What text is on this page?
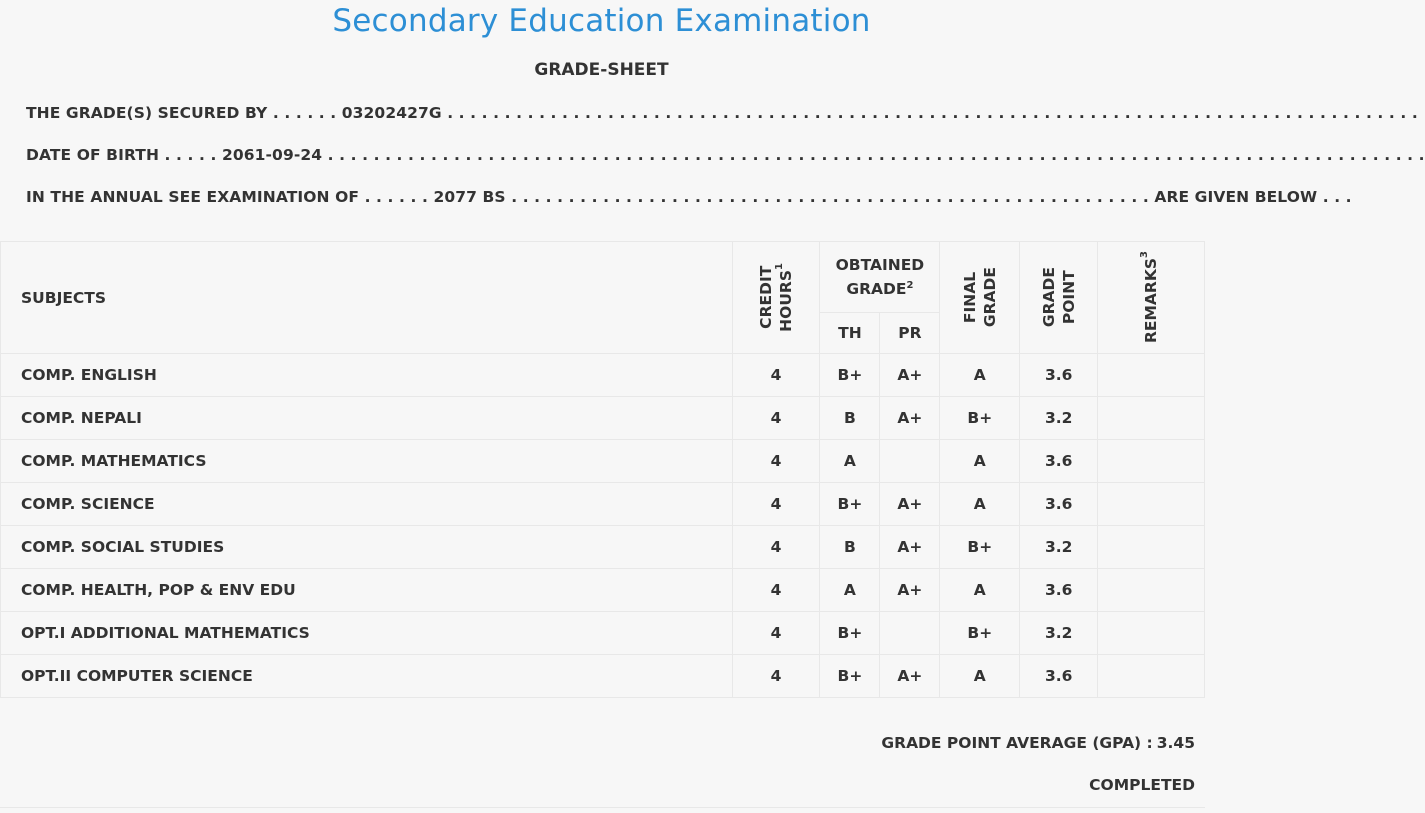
Secondary Education Examination
GRADE-SHEET
THE GRADE(S) SECURED BY . . . . . . 03202427G . . . . . . . . . . . . . . . . . . . . . . . . . . . . . . . . . . . . . . . . . . . . . . . . . . . . . . . . . . . . . . . . . . . . . . . . . . . . . . . . . . . . .
DATE OF BIRTH . . . . . 2061-09-24 . . . . . . . . . . . . . . . . . . . . . . . . . . . . . . . . . . . . . . . . . . . . . . . . . . . . . . . . . . . . . . . . . . . . . . . . . . . . . . . . . . . . . . . . . . . . . . . .
IN THE ANNUAL SEE EXAMINATION OF . . . . . . 2077 BS . . . . . . . . . . . . . . . . . . . . . . . . . . . . . . . . . . . . . . . . . . . . . . . . . . . . . . . . ARE GIVEN BELOW . . .
SUBJECTS	CREDIT HOURS$^1$	OBTAINED
GRADE$^2$		FINAL GRADE	GRADE POINT	REMARKS$^3$

		TH	PR			
COMP. ENGLISH	4	B+	A+	A	3.6	
COMP. NEPALI	4	B	A+	B+	3.2	
COMP. MATHEMATICS	4	A		A	3.6	
COMP. SCIENCE	4	B+	A+	A	3.6	
COMP. SOCIAL STUDIES	4	B	A+	B+	3.2	
COMP. HEALTH, POP & ENV EDU	4	A	A+	A	3.6	
OPT.I ADDITIONAL MATHEMATICS	4	B+		B+	3.2	
OPT.II COMPUTER SCIENCE	4	B+	A+	A	3.6	
GRADE POINT AVERAGE (GPA) : 3.45
COMPLETED
